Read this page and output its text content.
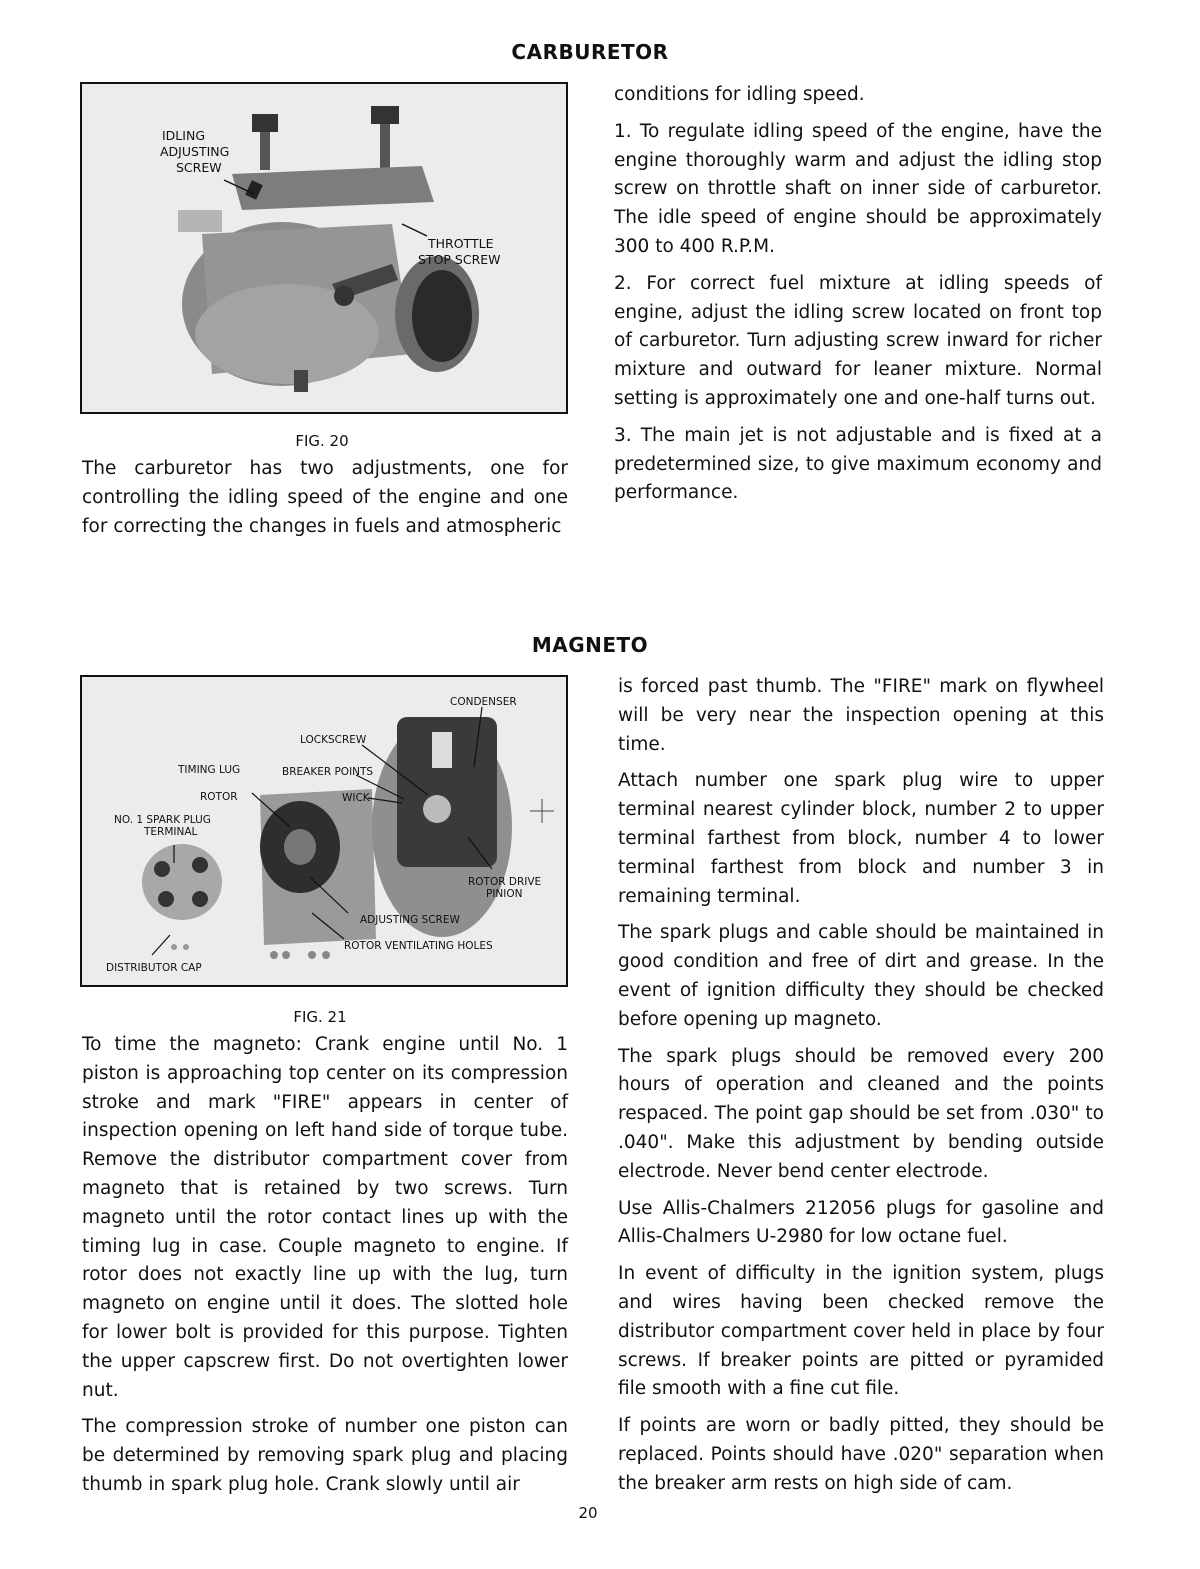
CARBURETOR
IDLING
ADJUSTING
SCREW
THROTTLE
STOP SCREW
FIG. 20

The carburetor has two adjustments, one for controlling the idling speed of the engine and one for correcting the changes in fuels and atmospheric

conditions for idling speed.

1. To regulate idling speed of the engine, have the engine thoroughly warm and adjust the idling stop screw on throttle shaft on inner side of carburetor. The idle speed of engine should be approximately 300 to 400 R.P.M.

2. For correct fuel mixture at idling speeds of engine, adjust the idling screw located on front top of carburetor. Turn adjusting screw inward for richer mixture and outward for leaner mixture. Normal setting is approximately one and one-half turns out.

3. The main jet is not adjustable and is fixed at a predetermined size, to give maximum economy and performance.

MAGNETO
CONDENSER
LOCKSCREW
TIMING LUG	BREAKER POINTS
ROTOR	WICK
NO. 1 SPARK PLUG
TERMINAL
ROTOR DRIVE
PINION
ADJUSTING SCREW
ROTOR VENTILATING HOLES
DISTRIBUTOR CAP
FIG. 21

To time the magneto: Crank engine until No. 1 piston is approaching top center on its compression stroke and mark "FIRE" appears in center of inspection opening on left hand side of torque tube. Remove the distributor compartment cover from magneto that is retained by two screws. Turn magneto until the rotor contact lines up with the timing lug in case. Couple magneto to engine. If rotor does not exactly line up with the lug, turn magneto on engine until it does. The slotted hole for lower bolt is provided for this purpose. Tighten the upper capscrew first. Do not overtighten lower nut.

The compression stroke of number one piston can be determined by removing spark plug and placing thumb in spark plug hole. Crank slowly until air

is forced past thumb. The "FIRE" mark on flywheel will be very near the inspection opening at this time.

Attach number one spark plug wire to upper terminal nearest cylinder block, number 2 to upper terminal farthest from block, number 4 to lower terminal farthest from block and number 3 in remaining terminal.

The spark plugs and cable should be maintained in good condition and free of dirt and grease. In the event of ignition difficulty they should be checked before opening up magneto.

The spark plugs should be removed every 200 hours of operation and cleaned and the points respaced. The point gap should be set from .030" to .040". Make this adjustment by bending outside electrode. Never bend center electrode.

Use Allis-Chalmers 212056 plugs for gasoline and Allis-Chalmers U-2980 for low octane fuel.

In event of difficulty in the ignition system, plugs and wires having been checked remove the distributor compartment cover held in place by four screws. If breaker points are pitted or pyramided file smooth with a fine cut file.

If points are worn or badly pitted, they should be replaced. Points should have .020" separation when the breaker arm rests on high side of cam.

20
